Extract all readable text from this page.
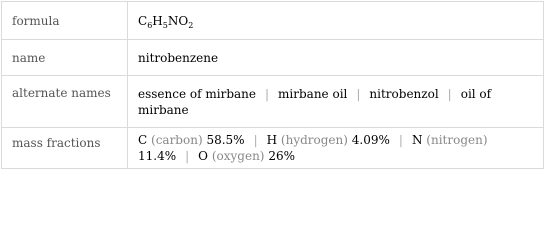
formula	$C_6H_5NO_2$
name	nitrobenzene
alternate names	essence of mirbane | mirbane oil | nitrobenzol | oil of mirbane
mass fractions	C (carbon) 58.5% | H (hydrogen) 4.09% | N (nitrogen) 11.4% | O (oxygen) 26%
